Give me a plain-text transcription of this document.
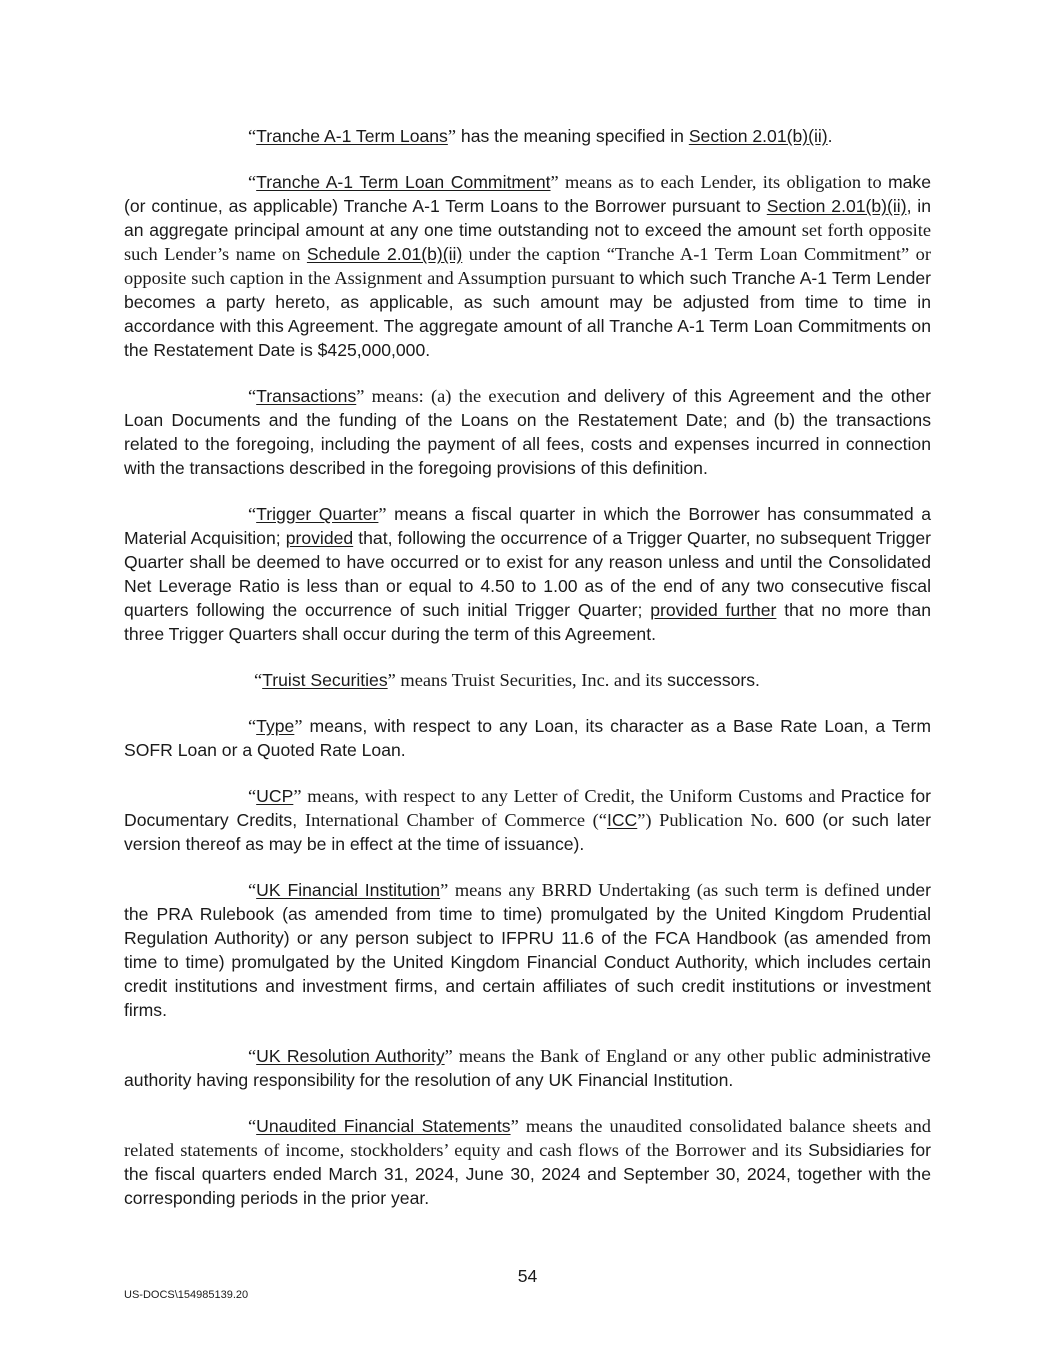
“Tranche A-1 Term Loans” has the meaning specified in Section 2.01(b)(ii).

“Tranche A-1 Term Loan Commitment” means as to each Lender, its obligation to make (or continue, as applicable) Tranche A-1 Term Loans to the Borrower pursuant to Section 2.01(b)(ii), in an aggregate principal amount at any one time outstanding not to exceed the amount set forth opposite such Lender’s name on Schedule 2.01(b)(ii) under the caption “Tranche A-1 Term Loan Commitment” or opposite such caption in the Assignment and Assumption pursuant to which such Tranche A-1 Term Lender becomes a party hereto, as applicable, as such amount may be adjusted from time to time in accordance with this Agreement. The aggregate amount of all Tranche A-1 Term Loan Commitments on the Restatement Date is $425,000,000.

“Transactions” means: (a) the execution and delivery of this Agreement and the other Loan Documents and the funding of the Loans on the Restatement Date; and (b) the transactions related to the foregoing, including the payment of all fees, costs and expenses incurred in connection with the transactions described in the foregoing provisions of this definition.

“Trigger Quarter” means a fiscal quarter in which the Borrower has consummated a Material Acquisition; provided that, following the occurrence of a Trigger Quarter, no subsequent Trigger Quarter shall be deemed to have occurred or to exist for any reason unless and until the Consolidated Net Leverage Ratio is less than or equal to 4.50 to 1.00 as of the end of any two consecutive fiscal quarters following the occurrence of such initial Trigger Quarter; provided further that no more than three Trigger Quarters shall occur during the term of this Agreement.

“Truist Securities” means Truist Securities, Inc. and its successors.

“Type” means, with respect to any Loan, its character as a Base Rate Loan, a Term SOFR Loan or a Quoted Rate Loan.

“UCP” means, with respect to any Letter of Credit, the Uniform Customs and Practice for Documentary Credits, International Chamber of Commerce (“ICC”) Publication No. 600 (or such later version thereof as may be in effect at the time of issuance).

“UK Financial Institution” means any BRRD Undertaking (as such term is defined under the PRA Rulebook (as amended from time to time) promulgated by the United Kingdom Prudential Regulation Authority) or any person subject to IFPRU 11.6 of the FCA Handbook (as amended from time to time) promulgated by the United Kingdom Financial Conduct Authority, which includes certain credit institutions and investment firms, and certain affiliates of such credit institutions or investment firms.

“UK Resolution Authority” means the Bank of England or any other public administrative authority having responsibility for the resolution of any UK Financial Institution.

“Unaudited Financial Statements” means the unaudited consolidated balance sheets and related statements of income, stockholders’ equity and cash flows of the Borrower and its Subsidiaries for the fiscal quarters ended March 31, 2024, June 30, 2024 and September 30, 2024, together with the corresponding periods in the prior year.

54
US-DOCS\154985139.20
